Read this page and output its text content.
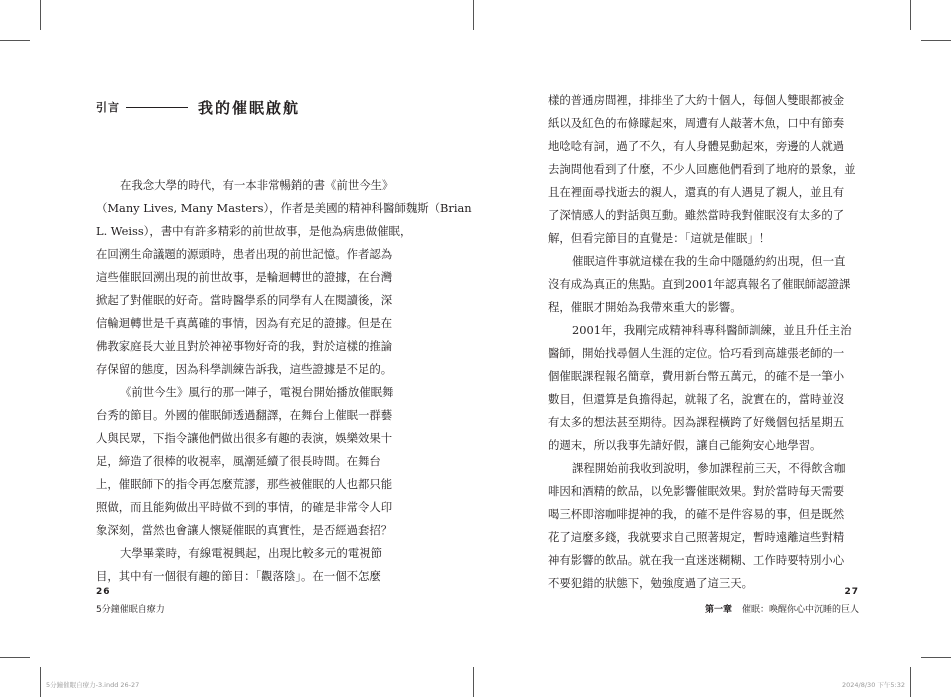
引言	我的催眠啟航

在我念大學的時代，有一本非常暢銷的書《前世今生》

（Many Lives, Many Masters），作者是美國的精神科醫師魏斯（Brian

L. Weiss），書中有許多精彩的前世故事，是他為病患做催眠，

在回溯生命議題的源頭時，患者出現的前世記憶。作者認為

這些催眠回溯出現的前世故事，是輪迴轉世的證據，在台灣

掀起了對催眠的好奇。當時醫學系的同學有人在閱讀後，深

信輪迴轉世是千真萬確的事情，因為有充足的證據。但是在

佛教家庭長大並且對於神祕事物好奇的我，對於這樣的推論

存保留的態度，因為科學訓練告訴我，這些證據是不足的。

《前世今生》風行的那一陣子，電視台開始播放催眠舞

台秀的節目。外國的催眠師透過翻譯，在舞台上催眠一群藝

人與民眾，下指令讓他們做出很多有趣的表演，娛樂效果十

足，締造了很棒的收視率，風潮延續了很長時間。在舞台

上，催眠師下的指令再怎麼荒謬，那些被催眠的人也都只能

照做，而且能夠做出平時做不到的事情，的確是非常令人印

象深刻，當然也會讓人懷疑催眠的真實性，是否經過套招？

大學畢業時，有線電視興起，出現比較多元的電視節

目，其中有一個很有趣的節目：「觀落陰」。在一個不怎麼

樣的普通房間裡，排排坐了大約十個人，每個人雙眼都被金

紙以及紅色的布條矇起來，周遭有人敲著木魚，口中有節奏

地唸唸有詞，過了不久，有人身體晃動起來，旁邊的人就過

去詢問他看到了什麼，不少人回應他們看到了地府的景象，並

且在裡面尋找逝去的親人，還真的有人遇見了親人，並且有

了深情感人的對話與互動。雖然當時我對催眠沒有太多的了

解，但看完節目的直覺是：「這就是催眠」！

催眠這件事就這樣在我的生命中隱隱約約出現，但一直

沒有成為真正的焦點。直到2001年認真報名了催眠師認證課

程，催眠才開始為我帶來重大的影響。

2001年，我剛完成精神科專科醫師訓練，並且升任主治

醫師，開始找尋個人生涯的定位。恰巧看到高雄張老師的一

個催眠課程報名簡章，費用新台幣五萬元，的確不是一筆小

數目，但還算是負擔得起，就報了名，說實在的，當時並沒

有太多的想法甚至期待。因為課程橫跨了好幾個包括星期五

的週末，所以我事先請好假，讓自己能夠安心地學習。

課程開始前我收到說明，參加課程前三天，不得飲含咖

啡因和酒精的飲品，以免影響催眠效果。對於當時每天需要

喝三杯即溶咖啡提神的我，的確不是件容易的事，但是既然

花了這麼多錢，我就要求自己照著規定，暫時遠離這些對精

神有影響的飲品。就在我一直迷迷糊糊、工作時要特別小心

不要犯錯的狀態下，勉強度過了這三天。

26
5分鐘催眠自療力
27
第一章 催眠：喚醒你心中沉睡的巨人
5分鐘催眠自療力-3.indd 26-27	2024/8/30 下午5:32
